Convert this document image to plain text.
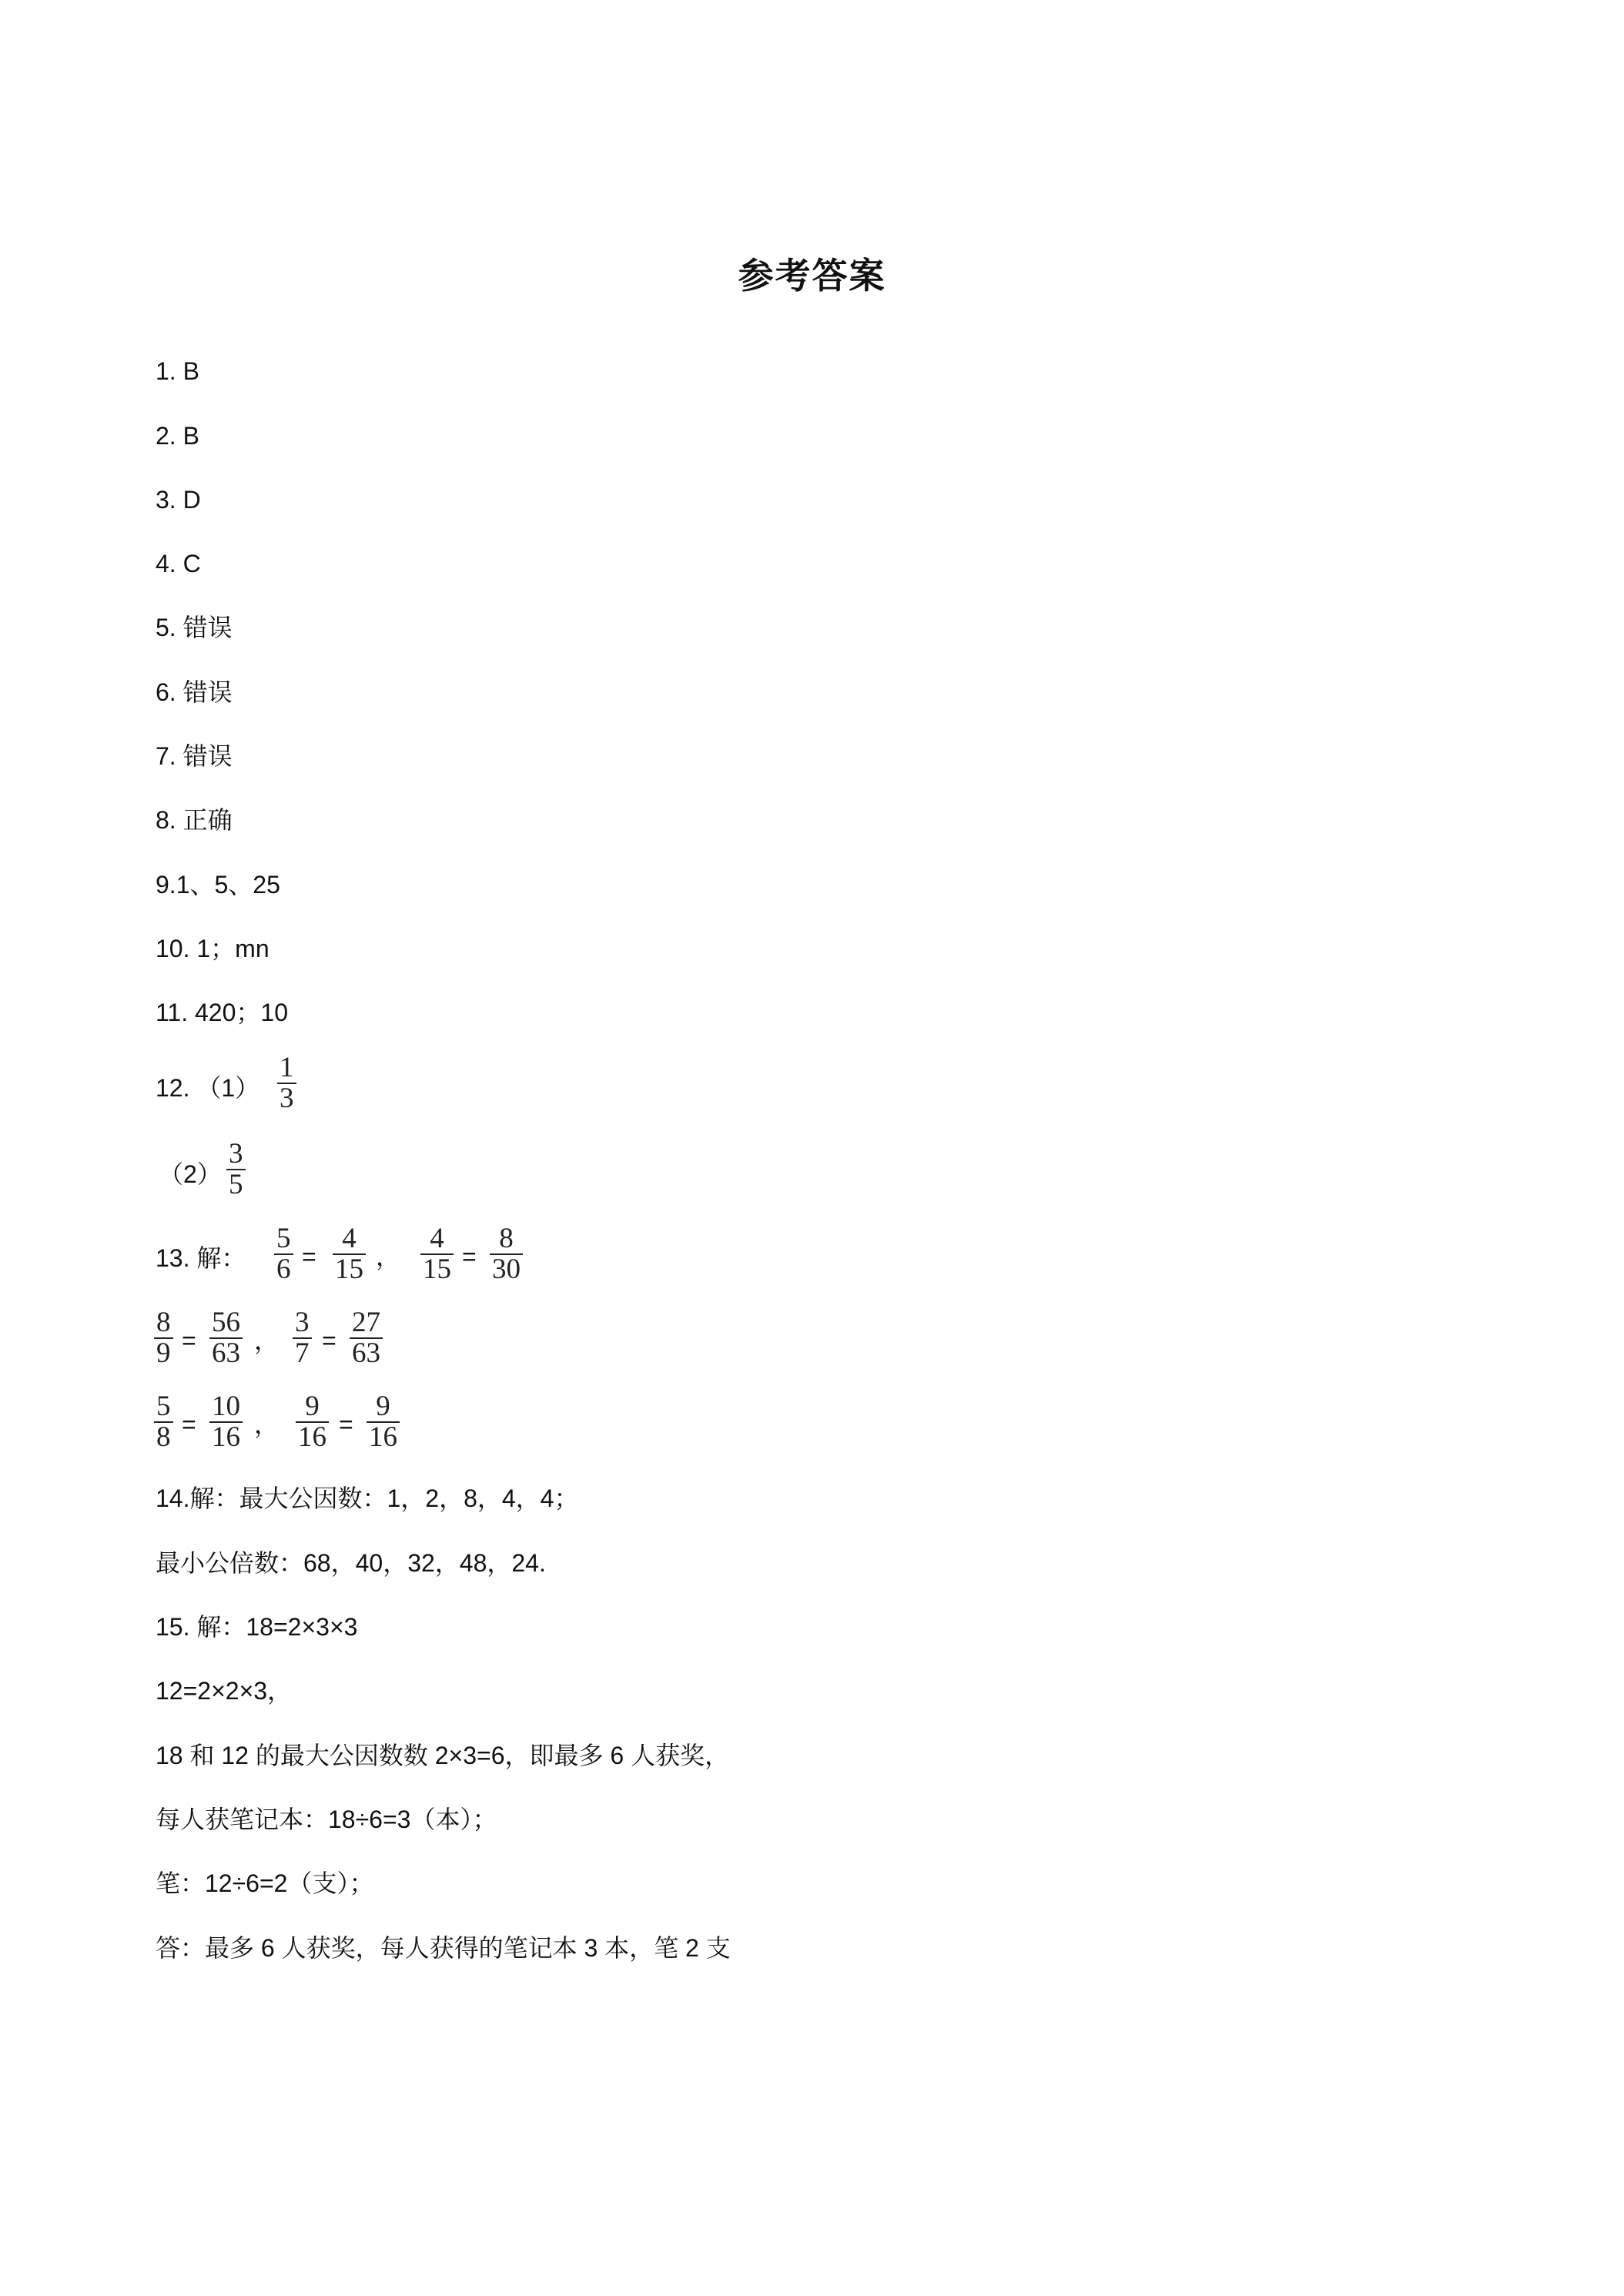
参考答案
1. B
2. B
3. D
4. C
5. 错误
6. 错误
7. 错误
8. 正确
9.1、5、25
10. 1；mn
11. 420；10
12. （1）
1
3
（2）
3
5
13. 解：
5
6 =
4
15 ，
4
15 =
8
30
8
9 =
56
63 ，
3
7 =
27
63
5
8 =
10
16 ，
9
16 =
9
16
14.解：最大公因数：1，2，8，4，4；
最小公倍数：68，40，32，48，24.
15. 解：18=2×3×3
12=2×2×3，
18 和 12 的最大公因数数 2×3=6，即最多 6 人获奖，
每人获笔记本：18÷6=3（本）；
笔：12÷6=2（支）；
答：最多 6 人获奖，每人获得的笔记本 3 本，笔 2 支
